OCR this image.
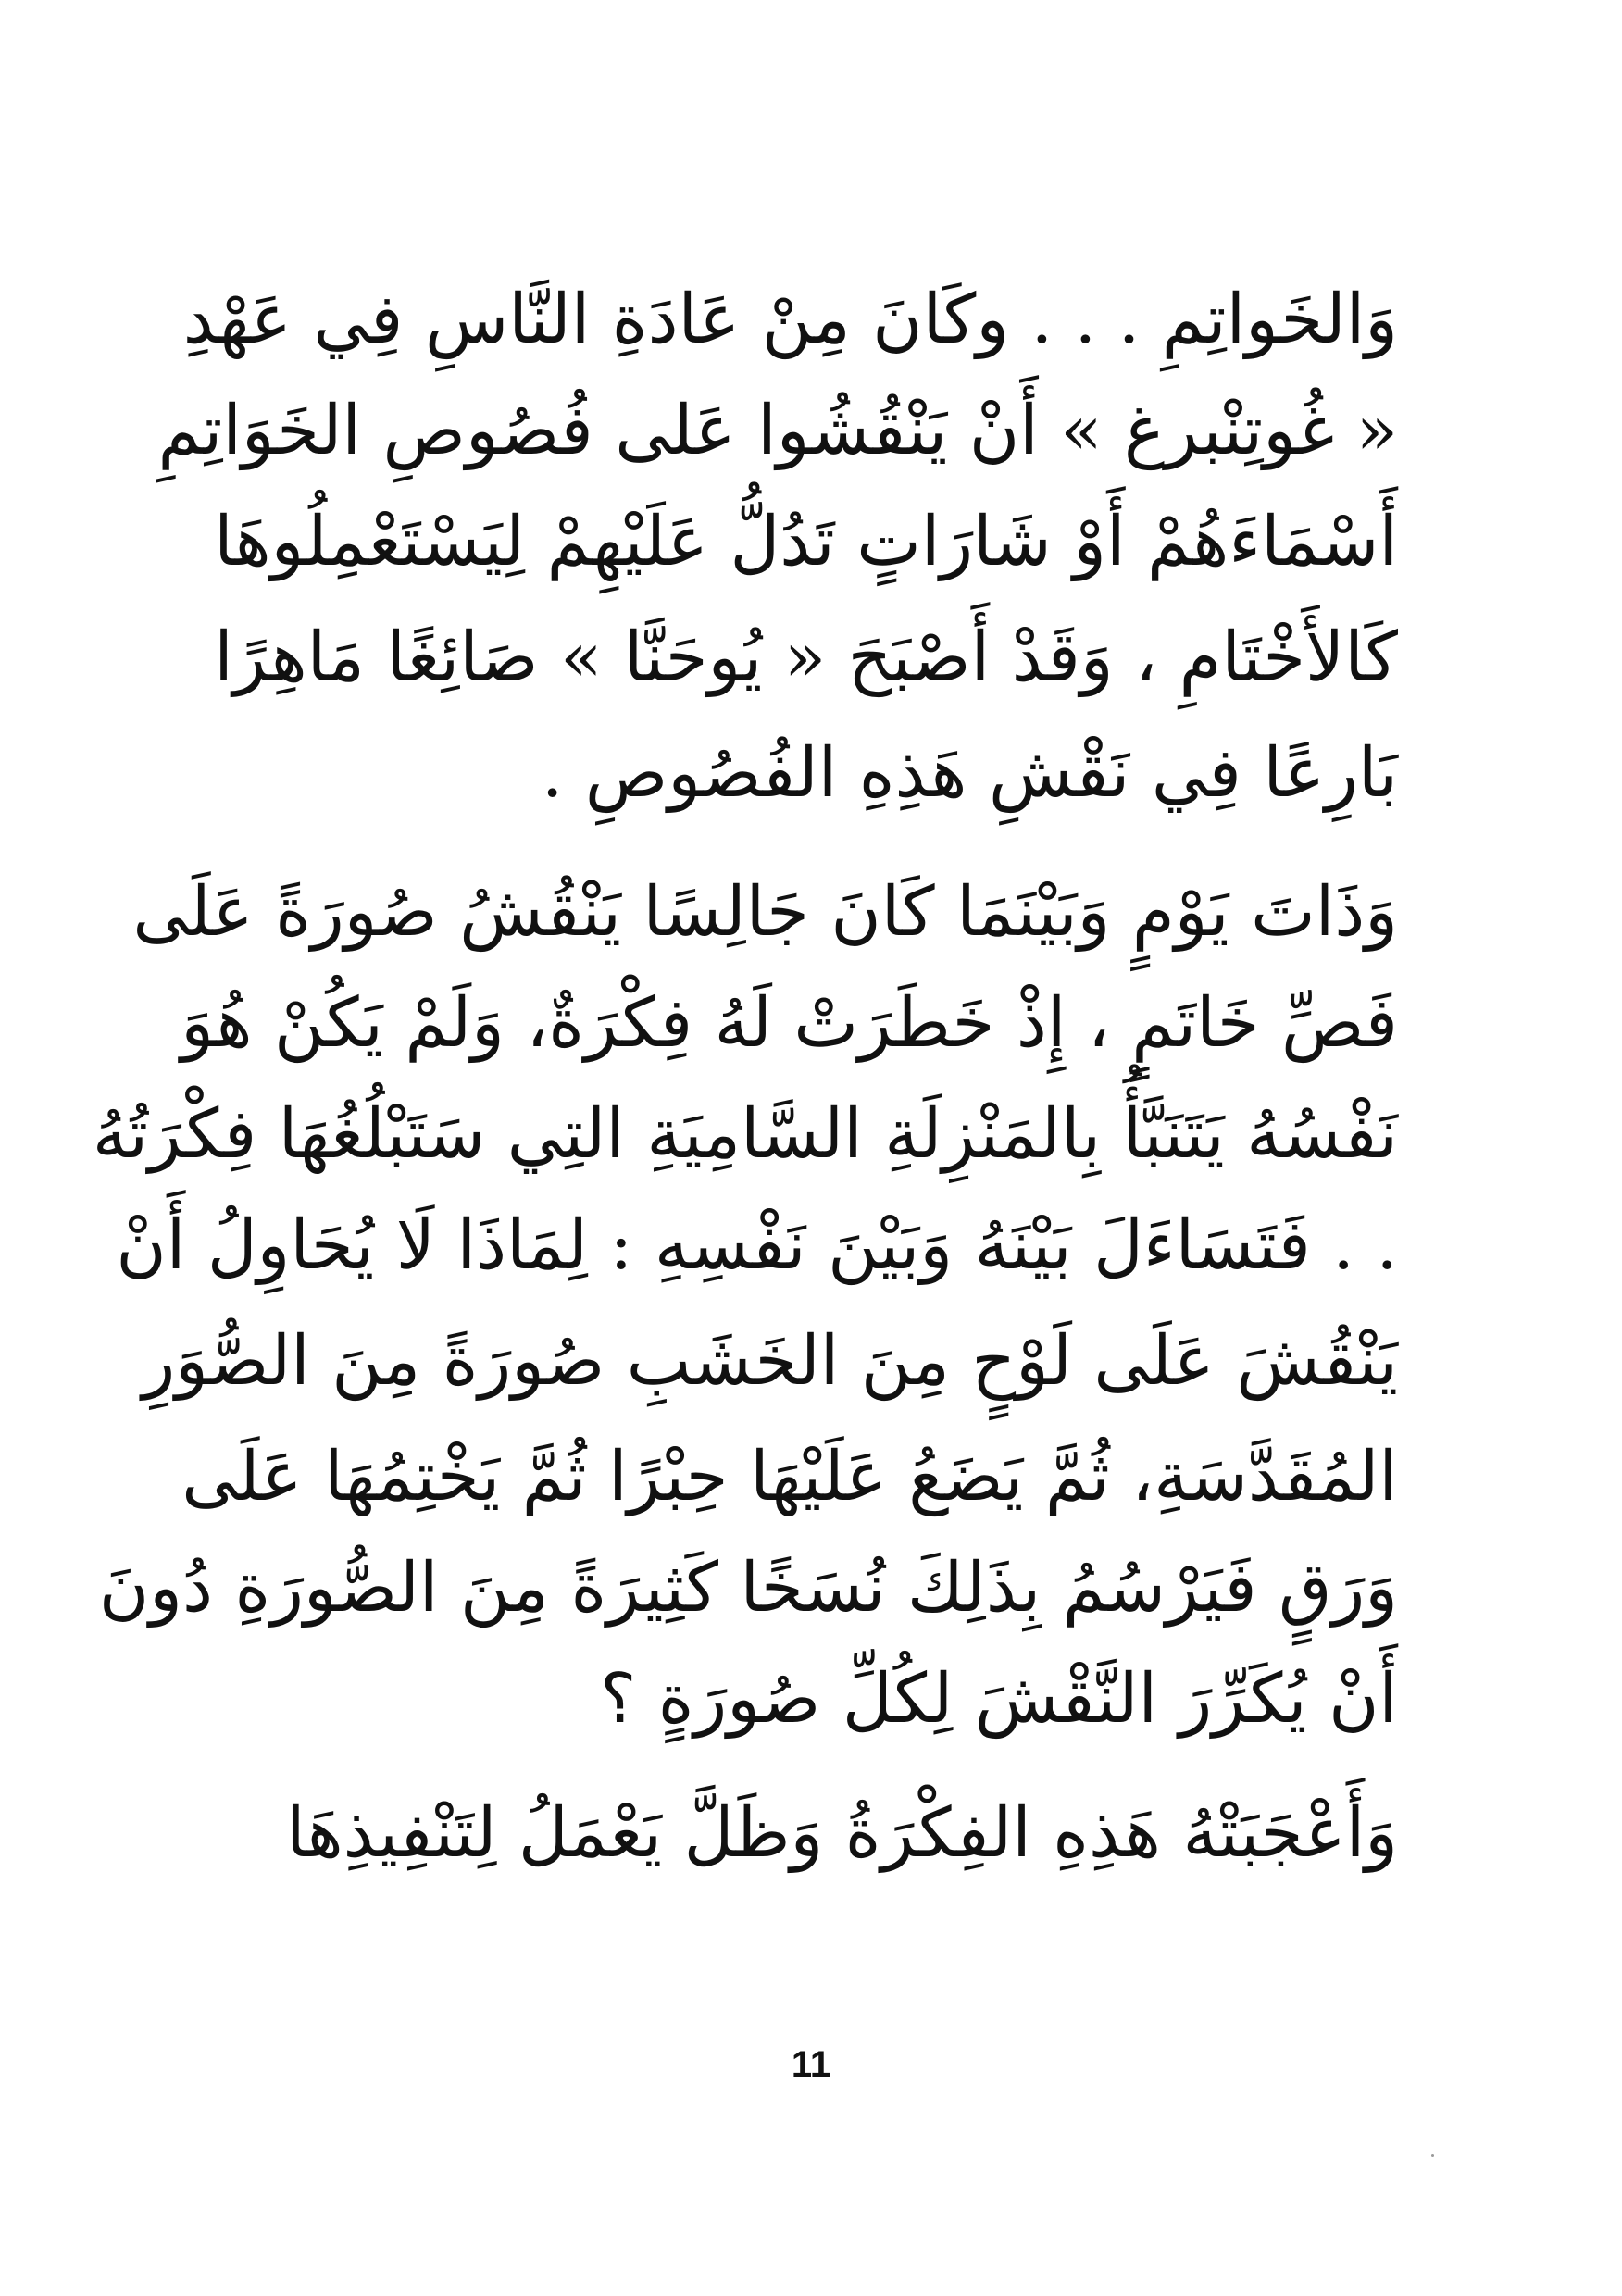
وَالخَواتِمِ . . . وكَانَ مِنْ عَادَةِ النَّاسِ فِي عَهْدِ
« غُوتِنْبرغ » أَنْ يَنْقُشُوا عَلى فُصُوصِ الخَوَاتِمِ
أَسْمَاءَهُمْ أَوْ شَارَاتٍ تَدُلُّ عَلَيْهِمْ لِيَسْتَعْمِلُوهَا
كَالأَخْتَامِ ، وَقَدْ أَصْبَحَ « يُوحَنَّا » صَائِغًا مَاهِرًا
بَارِعًا فِي نَقْشِ هَذِهِ الفُصُوصِ .
وَذَاتَ يَوْمٍ وَبَيْنَمَا كَانَ جَالِسًا يَنْقُشُ صُورَةً عَلَى
فَصِّ خَاتَمٍ ، إِذْ خَطَرَتْ لَهُ فِكْرَةٌ، وَلَمْ يَكُنْ هُوَ
نَفْسُهُ يَتَنَبَّأُ بِالمَنْزِلَةِ السَّامِيَةِ التِي سَتَبْلُغُهَا فِكْرَتُهُ
. . فَتَسَاءَلَ بَيْنَهُ وَبَيْنَ نَفْسِهِ : لِمَاذَا لَا يُحَاوِلُ أَنْ
يَنْقُشَ عَلَى لَوْحٍ مِنَ الخَشَبِ صُورَةً مِنَ الصُّوَرِ
المُقَدَّسَةِ، ثُمَّ يَضَعُ عَلَيْهَا حِبْرًا ثُمَّ يَخْتِمُهَا عَلَى
وَرَقٍ فَيَرْسُمُ بِذَلِكَ نُسَخًا كَثِيرَةً مِنَ الصُّورَةِ دُونَ
أَنْ يُكَرِّرَ النَّقْشَ لِكُلِّ صُورَةٍ ؟
وَأَعْجَبَتْهُ هَذِهِ الفِكْرَةُ وَظَلَّ يَعْمَلُ لِتَنْفِيذِهَا
11
